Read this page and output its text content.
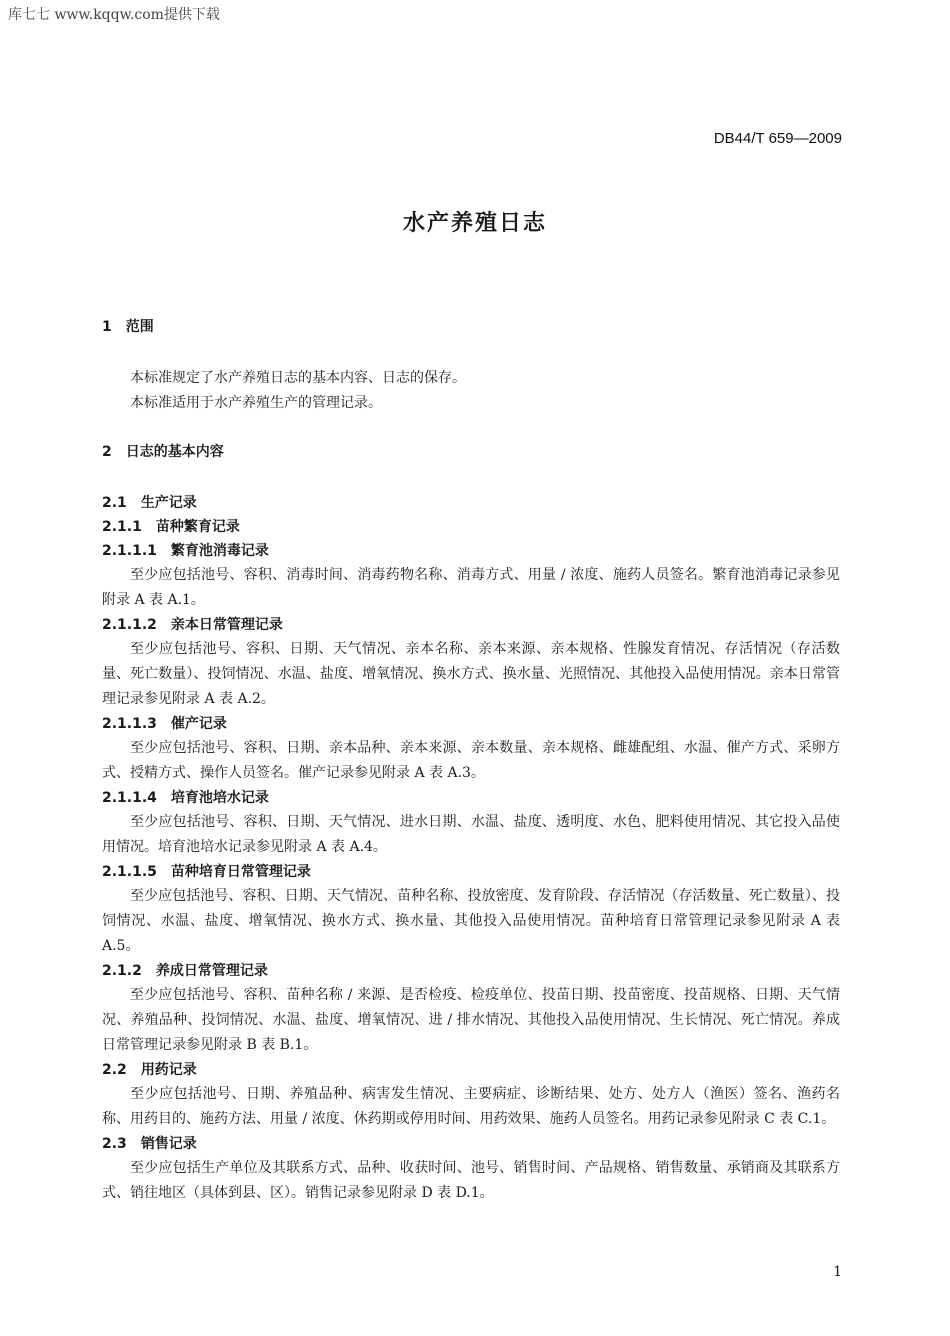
库七七 www.kqqw.com提供下载
DB44/T 659—2009
水产养殖日志
1 范围

本标准规定了水产养殖日志的基本内容、日志的保存。

本标准适用于水产养殖生产的管理记录。

2 日志的基本内容
2.1 生产记录
2.1.1 苗种繁育记录
2.1.1.1 繁育池消毒记录

至少应包括池号、容积、消毒时间、消毒药物名称、消毒方式、用量 / 浓度、施药人员签名。繁育池消毒记录参见附录 A 表 A.1。

2.1.1.2 亲本日常管理记录

至少应包括池号、容积、日期、天气情况、亲本名称、亲本来源、亲本规格、性腺发育情况、存活情况（存活数量、死亡数量）、投饲情况、水温、盐度、增氧情况、换水方式、换水量、光照情况、其他投入品使用情况。亲本日常管理记录参见附录 A 表 A.2。

2.1.1.3 催产记录

至少应包括池号、容积、日期、亲本品种、亲本来源、亲本数量、亲本规格、雌雄配组、水温、催产方式、采卵方式、授精方式、操作人员签名。催产记录参见附录 A 表 A.3。

2.1.1.4 培育池培水记录

至少应包括池号、容积、日期、天气情况、进水日期、水温、盐度、透明度、水色、肥料使用情况、其它投入品使用情况。培育池培水记录参见附录 A 表 A.4。

2.1.1.5 苗种培育日常管理记录

至少应包括池号、容积、日期、天气情况、苗种名称、投放密度、发育阶段、存活情况（存活数量、死亡数量）、投饲情况、水温、盐度、增氧情况、换水方式、换水量、其他投入品使用情况。苗种培育日常管理记录参见附录 A 表 A.5。

2.1.2 养成日常管理记录

至少应包括池号、容积、苗种名称 / 来源、是否检疫、检疫单位、投苗日期、投苗密度、投苗规格、日期、天气情况、养殖品种、投饲情况、水温、盐度、增氧情况、进 / 排水情况、其他投入品使用情况、生长情况、死亡情况。养成日常管理记录参见附录 B 表 B.1。

2.2 用药记录

至少应包括池号、日期、养殖品种、病害发生情况、主要病症、诊断结果、处方、处方人（渔医）签名、渔药名称、用药目的、施药方法、用量 / 浓度、休药期或停用时间、用药效果、施药人员签名。用药记录参见附录 C 表 C.1。

2.3 销售记录

至少应包括生产单位及其联系方式、品种、收获时间、池号、销售时间、产品规格、销售数量、承销商及其联系方式、销往地区（具体到县、区）。销售记录参见附录 D 表 D.1。

1
